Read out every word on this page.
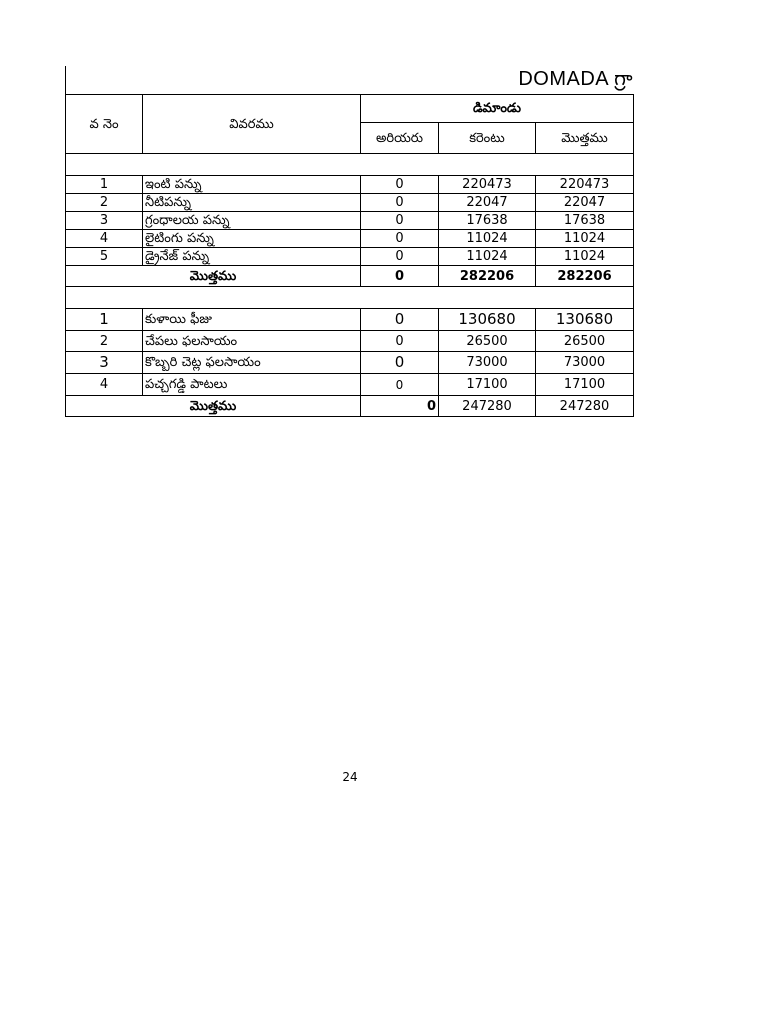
DOMADA గ్రా
వ నెం	వివరము	డిమాండు		
		అరియరు	కరెంటు	మొత్తము

1	ఇంటి పన్ను	0	220473	220473
2	నీటిపన్ను	0	22047	22047
3	గ్రంధాలయ పన్ను	0	17638	17638
4	లైటింగు పన్ను	0	11024	11024
5	డ్రైనేజ్ పన్ను	0	11024	11024
మొత్తము		0	282206	282206

1	కుళాయి ఫీజు	0	130680	130680
2	చేపలు ఫలసాయం	0	26500	26500
3	కొబ్బరి చెట్ల ఫలసాయం	0	73000	73000
4	పచ్చగడ్డి పాటలు	0	17100	17100
మొత్తము		0	247280	247280
24
